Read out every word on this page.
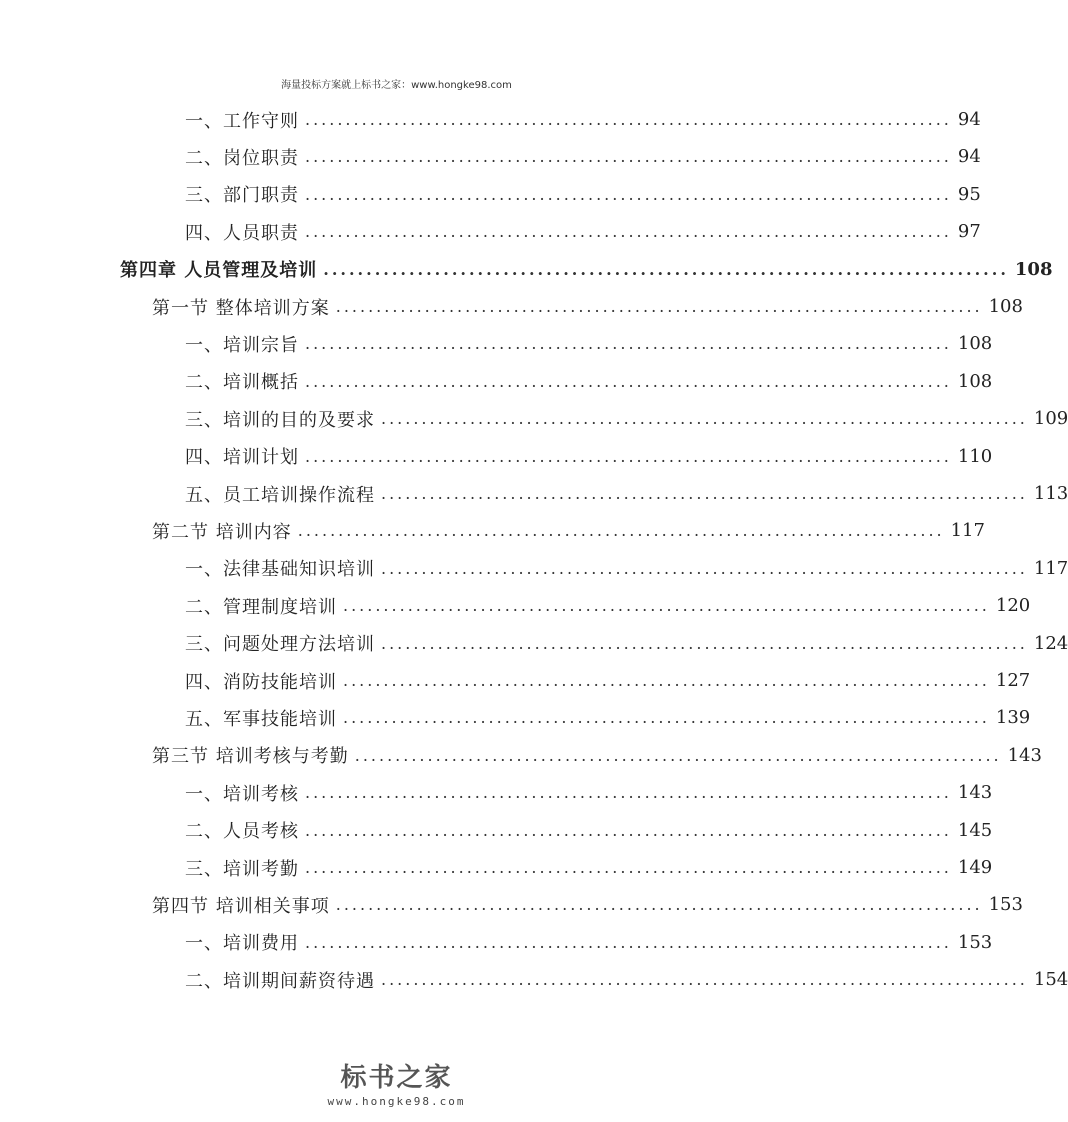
海量投标方案就上标书之家：www.hongke98.com
一、工作守则 ................................................................................ 94
二、岗位职责 ................................................................................ 94
三、部门职责 ................................................................................ 95
四、人员职责 ................................................................................ 97
第四章 人员管理及培训 ................................................................................ 108
第一节 整体培训方案 ................................................................................ 108
一、培训宗旨 ................................................................................ 108
二、培训概括 ................................................................................ 108
三、培训的目的及要求 ................................................................................ 109
四、培训计划 ................................................................................ 110
五、员工培训操作流程 ................................................................................ 113
第二节 培训内容 ................................................................................ 117
一、法律基础知识培训 ................................................................................ 117
二、管理制度培训 ................................................................................ 120
三、问题处理方法培训 ................................................................................ 124
四、消防技能培训 ................................................................................ 127
五、军事技能培训 ................................................................................ 139
第三节 培训考核与考勤 ................................................................................ 143
一、培训考核 ................................................................................ 143
二、人员考核 ................................................................................ 145
三、培训考勤 ................................................................................ 149
第四节 培训相关事项 ................................................................................ 153
一、培训费用 ................................................................................ 153
二、培训期间薪资待遇 ................................................................................ 154
标书之家
www.hongke98.com
